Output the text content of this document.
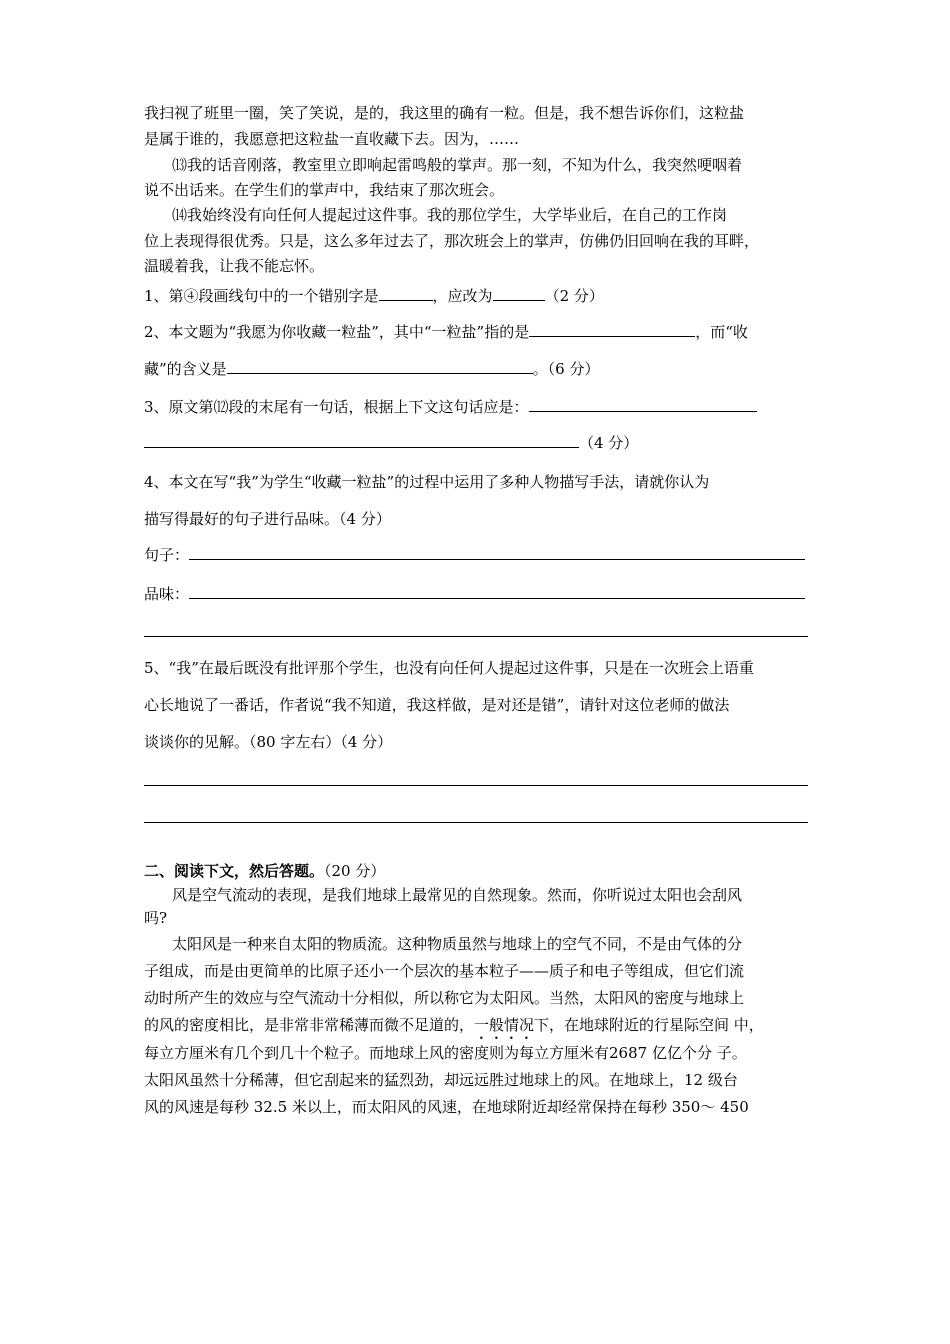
我扫视了班里一圈，笑了笑说，是的，我这里的确有一粒。但是，我不想告诉你们，这粒盐
是属于谁的，我愿意把这粒盐一直收藏下去。因为，……
⒀我的话音刚落，教室里立即响起雷鸣般的掌声。那一刻，不知为什么，我突然哽咽着
说不出话来。在学生们的掌声中，我结束了那次班会。
⒁我始终没有向任何人提起过这件事。我的那位学生，大学毕业后，在自己的工作岗
位上表现得很优秀。只是，这么多年过去了，那次班会上的掌声，仿佛仍旧回响在我的耳畔，
温暖着我，让我不能忘怀。
1、第④段画线句中的一个错别字是	，应改为	（2 分）
2、本文题为“我愿为你收藏一粒盐”，其中“一粒盐”指的是	，而“收
藏”的含义是	。（6 分）
3、原文第⑿段的末尾有一句话，根据上下文这句话应是：
（4 分）
4、本文在写“我”为学生“收藏一粒盐”的过程中运用了多种人物描写手法，请就你认为
描写得最好的句子进行品味。（4 分）
句子：
品味：
5、“我”在最后既没有批评那个学生，也没有向任何人提起过这件事，只是在一次班会上语重
心长地说了一番话，作者说“我不知道，我这样做，是对还是错”，请针对这位老师的做法
谈谈你的见解。（80 字左右）（4 分）
二、阅读下文，然后答题。（20 分）
风是空气流动的表现，是我们地球上最常见的自然现象。然而，你听说过太阳也会刮风
吗?
太阳风是一种来自太阳的物质流。这种物质虽然与地球上的空气不同，不是由气体的分
子组成，而是由更简单的比原子还小一个层次的基本粒子——质子和电子等组成，但它们流
动时所产生的效应与空气流动十分相似，所以称它为太阳风。当然，太阳风的密度与地球上
的风的密度相比，是非常非常稀薄而微不足道的，一般情况下，在地球附近的行星际空间 中，
每立方厘米有几个到几十个粒子。而地球上风的密度则为每立方厘米有2687 亿亿个分 子。
太阳风虽然十分稀薄，但它刮起来的猛烈劲，却远远胜过地球上的风。在地球上，12 级台
风的风速是每秒 32.5 米以上，而太阳风的风速，在地球附近却经常保持在每秒 350～ 450
